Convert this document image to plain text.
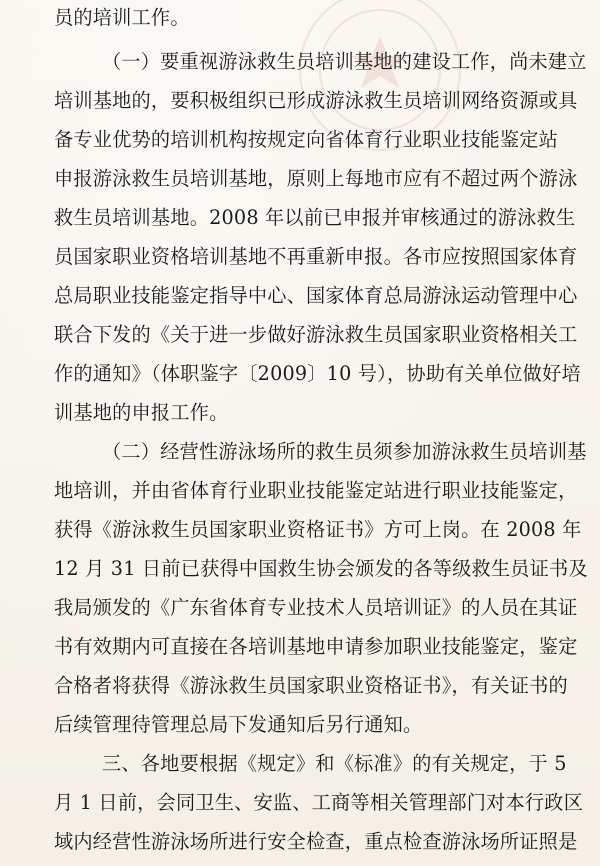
员的培训工作。
（一）要重视游泳救生员培训基地的建设工作，尚未建立
培训基地的，要积极组织已形成游泳救生员培训网络资源或具
备专业优势的培训机构按规定向省体育行业职业技能鉴定站
申报游泳救生员培训基地，原则上每地市应有不超过两个游泳
救生员培训基地。2008 年以前已申报并审核通过的游泳救生
员国家职业资格培训基地不再重新申报。各市应按照国家体育
总局职业技能鉴定指导中心、国家体育总局游泳运动管理中心
联合下发的《关于进一步做好游泳救生员国家职业资格相关工
作的通知》（体职鉴字〔2009〕10 号），协助有关单位做好培
训基地的申报工作。
（二）经营性游泳场所的救生员须参加游泳救生员培训基
地培训，并由省体育行业职业技能鉴定站进行职业技能鉴定，
获得《游泳救生员国家职业资格证书》方可上岗。在 2008 年
12 月 31 日前已获得中国救生协会颁发的各等级救生员证书及
我局颁发的《广东省体育专业技术人员培训证》的人员在其证
书有效期内可直接在各培训基地申请参加职业技能鉴定，鉴定
合格者将获得《游泳救生员国家职业资格证书》，有关证书的
后续管理待管理总局下发通知后另行通知。
三、各地要根据《规定》和《标准》的有关规定，于 5
月 1 日前，会同卫生、安监、工商等相关管理部门对本行政区
域内经营性游泳场所进行安全检查，重点检查游泳场所证照是
